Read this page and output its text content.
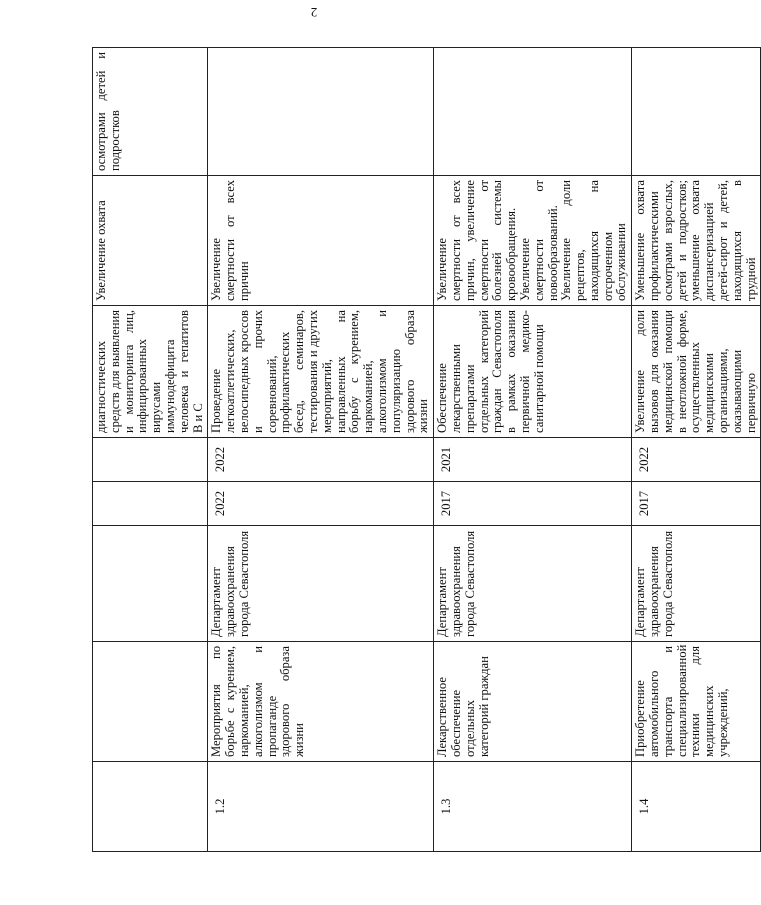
2
					диагностических средств для выявления и мониторинга лиц, инфицированных вирусами иммунодефицита человека и гепатитов В и С	Увеличение охвата	осмотрами детей и подростков
1.2	Мероприятия по борьбе с курением, наркоманией, алкоголизмом и пропаганде здорового образа жизни	Департамент здравоохранения города Севастополя	2022	2022	Проведение легкоатлетических, велосипедных кроссов и прочих соревнований, профилактических бесед, семинаров, тестирования и других мероприятий, направленных на борьбу с курением, наркоманией, алкоголизмом и популяризацию здорового образа жизни	Увеличение смертности от всех причин	
1.3	Лекарственное обеспечение отдельных категорий граждан	Департамент здравоохранения города Севастополя	2017	2021	Обеспечение лекарственными препаратами отдельных категорий граждан Севастополя в рамках оказания первичной медико-санитарной помощи	Увеличение смертности от всех причин, увеличение смертности от болезней системы кровообращения. Увеличение смертности от новообразований. Увеличение доли рецептов, находящихся на отсроченном обслуживании	
1.4	Приобретение автомобильного транспорта и специализированной техники для медицинских учреждений,	Департамент здравоохранения города Севастополя	2017	2022	Увеличение доли вызовов для оказания медицинской помощи в неотложной форме, осуществленных медицинскими организациями, оказывающими первичную	Уменьшение охвата профилактическими осмотрами взрослых, детей и подростков; уменьшение охвата диспансеризацией детей-сирот и детей, находящихся в трудной	
